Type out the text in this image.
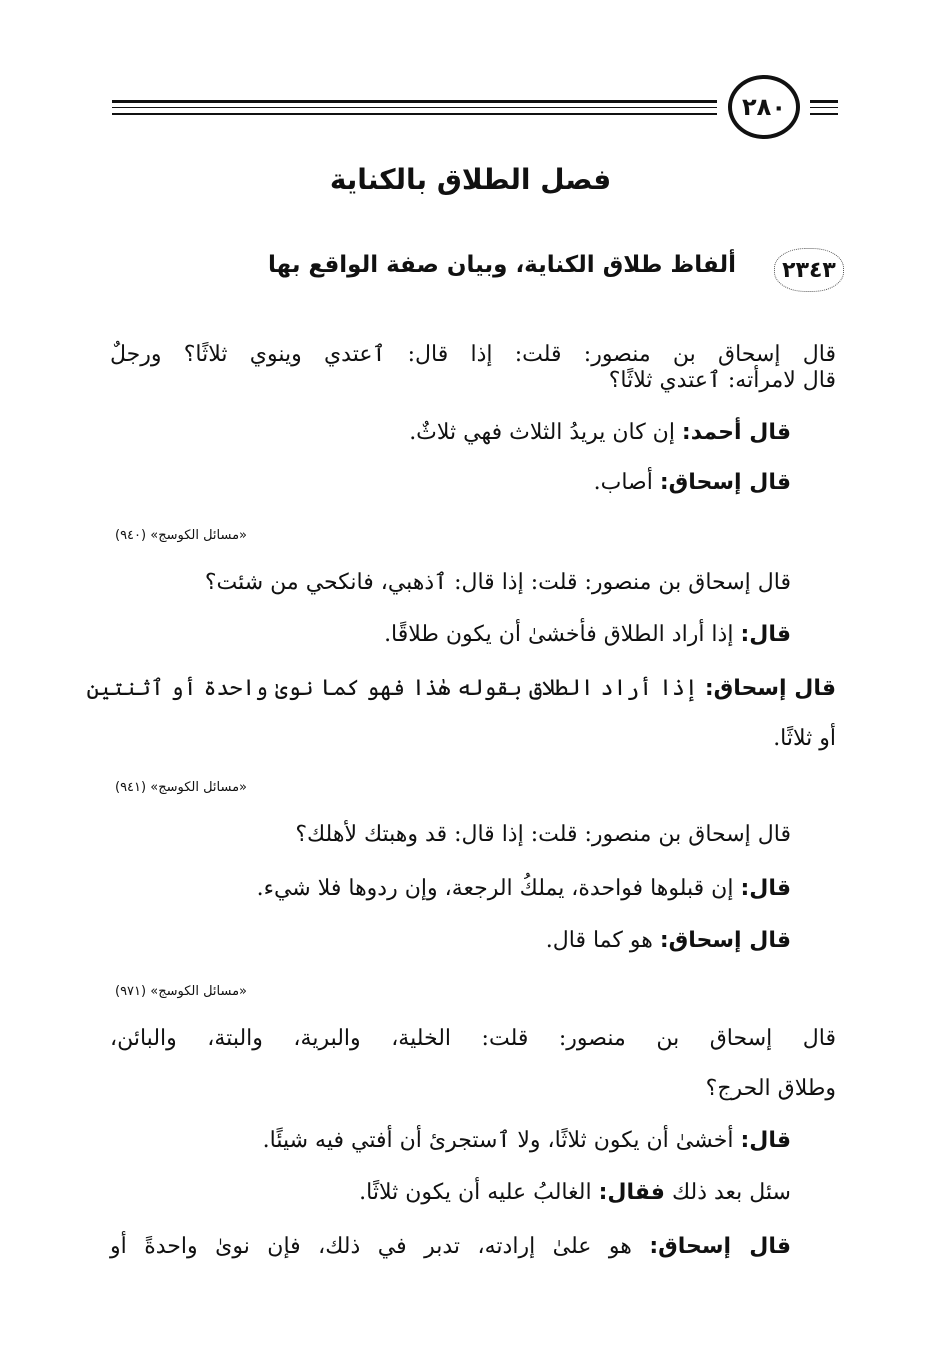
٢٨٠
فصل الطلاق بالكناية
٢٣٤٣
ألفاظ طلاق الكناية، وبيان صفة الواقع بها
قال إسحاق بن منصور: قلت: إذا قال: ٱعتدي وينوي ثلاثًا؟ ورجلٌ
قال لامرأته: ٱعتدي ثلاثًا؟
قال أحمد: إن كان يريدُ الثلاث فهي ثلاثٌ.
قال إسحاق: أصاب.
«مسائل الكوسج» (٩٤٠)
قال إسحاق بن منصور: قلت: إذا قال: ٱذهبي، فانكحي من شئت؟
قال: إذا أراد الطلاق فأخشىٰ أن يكون طلاقًا.
قال إسحاق: إذا أراد الطلاق بقوله هٰذا فهو كما نوىٰ واحدة أو ٱثنتين
أو ثلاثًا.
«مسائل الكوسج» (٩٤١)
قال إسحاق بن منصور: قلت: إذا قال: قد وهبتك لأهلك؟
قال: إن قبلوها فواحدة، يملكُ الرجعة، وإن ردوها فلا شيء.
قال إسحاق: هو كما قال.
«مسائل الكوسج» (٩٧١)
قال إسحاق بن منصور: قلت: الخلية، والبرية، والبتة، والبائن،
وطلاق الحرج؟
قال: أخشىٰ أن يكون ثلاثًا، ولا ٱستجرئ أن أفتي فيه شيئًا.
سئل بعد ذلك فقال: الغالبُ عليه أن يكون ثلاثًا.
قال إسحاق: هو علىٰ إرادته، تدبر في ذلك، فإن نوىٰ واحدةً أو
